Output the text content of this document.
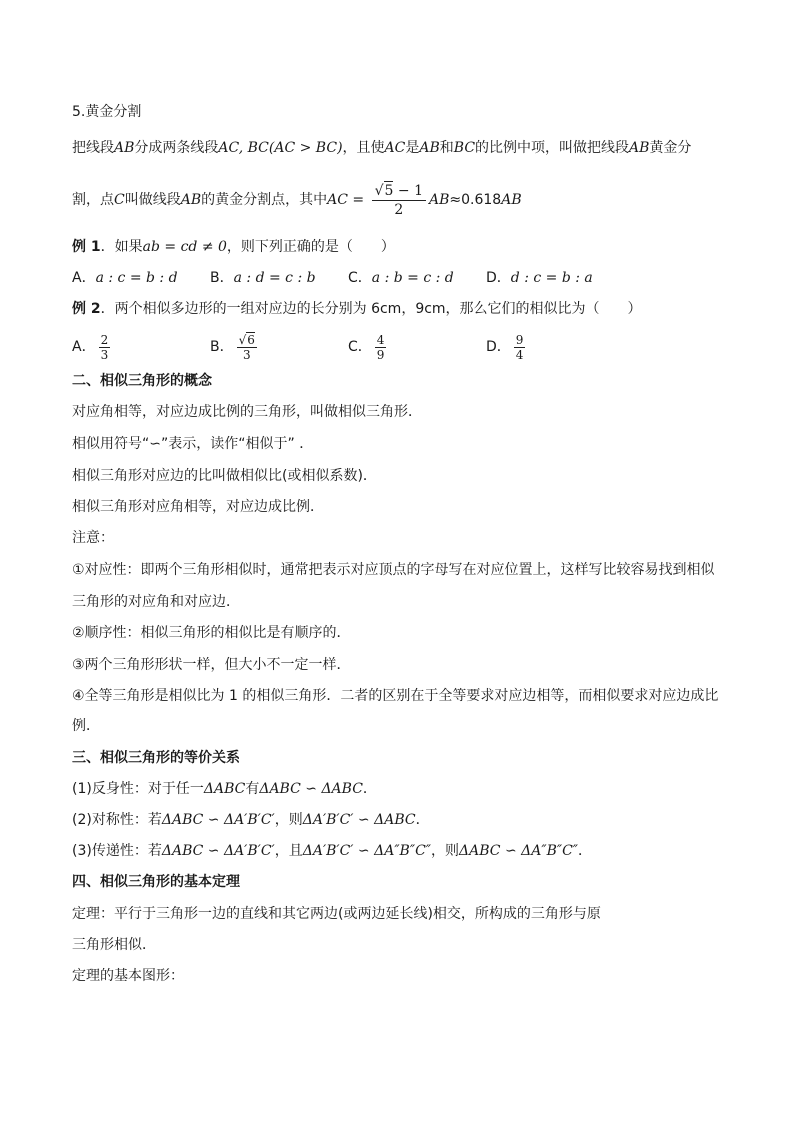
5.黄金分割
把线段AB分成两条线段AC, BC(AC > BC)，且使AC是AB和BC的比例中项，叫做把线段AB黄金分
割，点C叫做线段AB的黄金分割点，其中AC = $\frac{√5 - 1}{2} AB\approx 0.618AB$
例 1．如果ab = cd ≠ 0，则下列正确的是（　　）
A．a : c = b : d B．a : d = c : b C．a : b = c : d D．d : c = b : a
例 2．两个相似多边形的一组对应边的长分别为 6cm，9cm，那么它们的相似比为（　　）
A． $\frac{2}{3}$	B． $\frac{√6}{3}$	C． $\frac{4}{9}$	D． $\frac{9}{4}$
二、相似三角形的概念
对应角相等，对应边成比例的三角形，叫做相似三角形．
相似用符号“∽”表示，读作“相似于” ．
相似三角形对应边的比叫做相似比(或相似系数)．
相似三角形对应角相等，对应边成比例．
注意：
①对应性：即两个三角形相似时，通常把表示对应顶点的字母写在对应位置上，这样写比较容易找到相似
三角形的对应角和对应边．
②顺序性：相似三角形的相似比是有顺序的．
③两个三角形形状一样，但大小不一定一样．
④全等三角形是相似比为 1 的相似三角形．二者的区别在于全等要求对应边相等，而相似要求对应边成比
例．
三、相似三角形的等价关系
(1)反身性：对于任一ΔABC有ΔABC ∽ ΔABC．
(2)对称性：若ΔABC ∽ ΔA′B′C′，则ΔA′B′C′ ∽ ΔABC．
(3)传递性：若ΔABC ∽ ΔA′B′C′，且ΔA′B′C′ ∽ ΔA″B″C″，则ΔABC ∽ ΔA″B″C″．
四、相似三角形的基本定理
定理：平行于三角形一边的直线和其它两边(或两边延长线)相交，所构成的三角形与原
三角形相似．
定理的基本图形：
